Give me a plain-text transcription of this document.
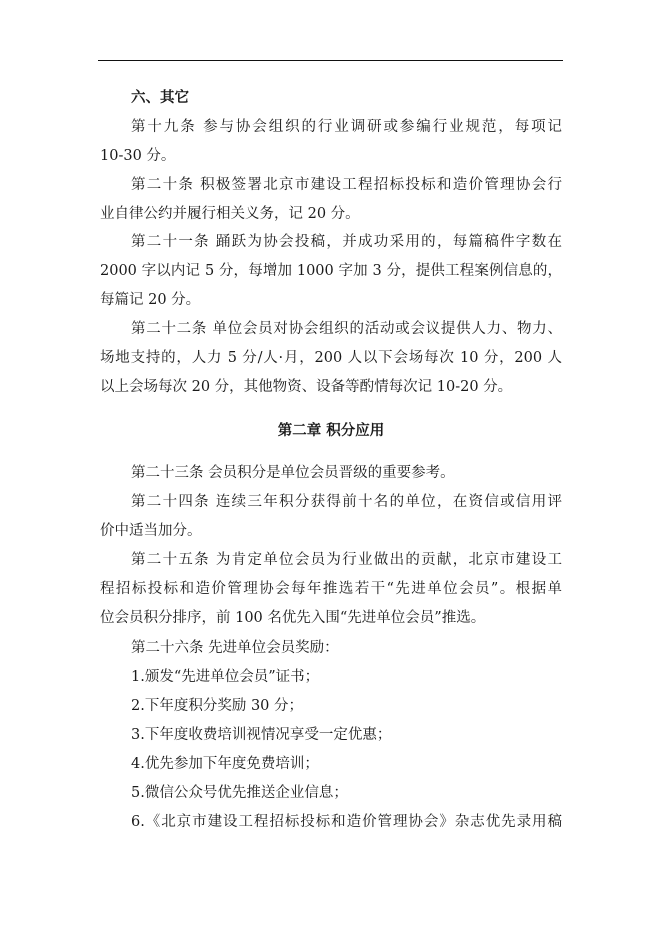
六、其它
第十九条 参与协会组织的行业调研或参编行业规范，每项记
10-30 分。
第二十条 积极签署北京市建设工程招标投标和造价管理协会行
业自律公约并履行相关义务，记 20 分。
第二十一条 踊跃为协会投稿，并成功采用的，每篇稿件字数在
2000 字以内记 5 分，每增加 1000 字加 3 分，提供工程案例信息的，
每篇记 20 分。
第二十二条 单位会员对协会组织的活动或会议提供人力、物力、
场地支持的，人力 5 分/人·月，200 人以下会场每次 10 分，200 人
以上会场每次 20 分，其他物资、设备等酌情每次记 10-20 分。
第二章 积分应用
第二十三条 会员积分是单位会员晋级的重要参考。
第二十四条 连续三年积分获得前十名的单位，在资信或信用评
价中适当加分。
第二十五条 为肯定单位会员为行业做出的贡献，北京市建设工
程招标投标和造价管理协会每年推选若干“先进单位会员”。根据单
位会员积分排序，前 100 名优先入围“先进单位会员”推选。
第二十六条 先进单位会员奖励：
1.颁发“先进单位会员”证书；
2.下年度积分奖励 30 分；
3.下年度收费培训视情况享受一定优惠；
4.优先参加下年度免费培训；
5.微信公众号优先推送企业信息；
6.《北京市建设工程招标投标和造价管理协会》杂志优先录用稿
